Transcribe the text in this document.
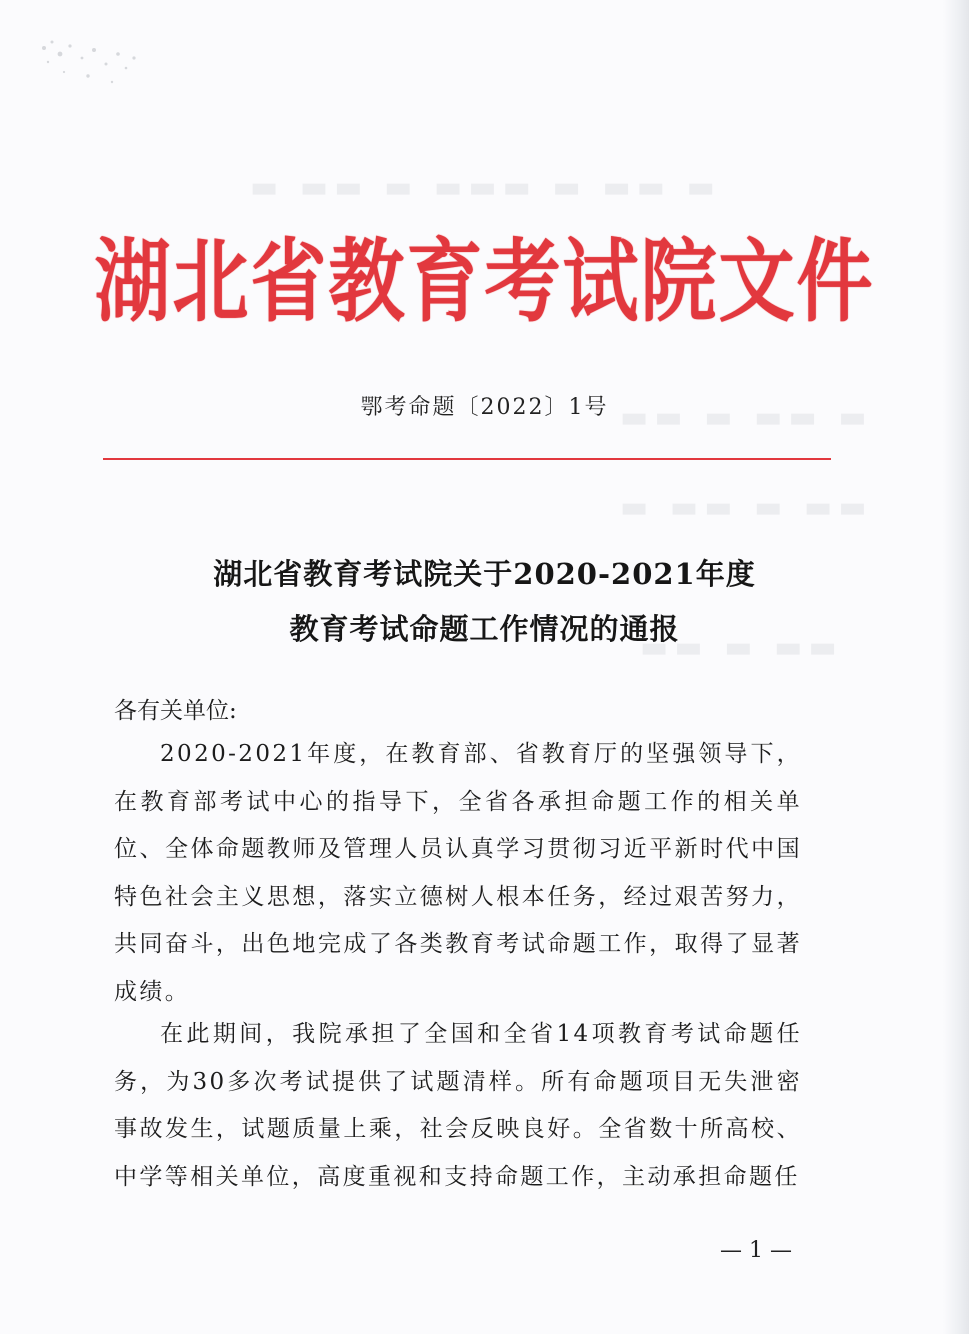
▬ ▬▬ ▬ ▬▬▬ ▬ ▬▬ ▬
▬▬ ▬ ▬▬ ▬
▬ ▬▬ ▬ ▬▬
▬▬ ▬ ▬▬
湖北省教育考试院文件
鄂考命题〔2022〕1号
湖北省教育考试院关于2020-2021年度
教育考试命题工作情况的通报
各有关单位:
2020-2021年度，在教育部、省教育厅的坚强领导下，在教育部考试中心的指导下，全省各承担命题工作的相关单位、全体命题教师及管理人员认真学习贯彻习近平新时代中国特色社会主义思想，落实立德树人根本任务，经过艰苦努力，共同奋斗，出色地完成了各类教育考试命题工作，取得了显著成绩。
在此期间，我院承担了全国和全省14项教育考试命题任务，为30多次考试提供了试题清样。所有命题项目无失泄密事故发生，试题质量上乘，社会反映良好。全省数十所高校、中学等相关单位，高度重视和支持命题工作，主动承担命题任
— 1 —
